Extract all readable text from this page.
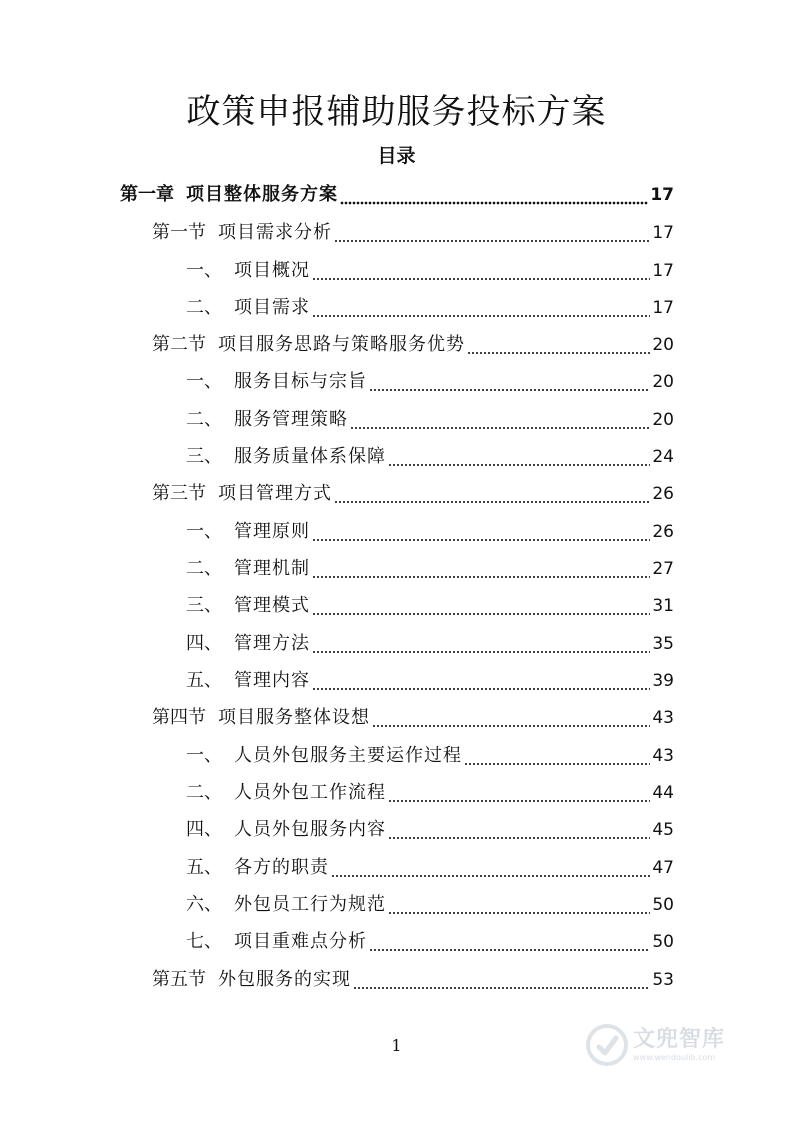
政策申报辅助服务投标方案
目录
第一章 项目整体服务方案	17
第一节 项目需求分析	17
一、 项目概况	17
二、 项目需求	17
第二节 项目服务思路与策略服务优势	20
一、 服务目标与宗旨	20
二、 服务管理策略	20
三、 服务质量体系保障	24
第三节 项目管理方式	26
一、 管理原则	26
二、 管理机制	27
三、 管理模式	31
四、 管理方法	35
五、 管理内容	39
第四节 项目服务整体设想	43
一、 人员外包服务主要运作过程	43
二、 人员外包工作流程	44
四、 人员外包服务内容	45
五、 各方的职责	47
六、 外包员工行为规范	50
七、 项目重难点分析	50
第五节 外包服务的实现	53
1	文兜智库
www.wendoulib.com
